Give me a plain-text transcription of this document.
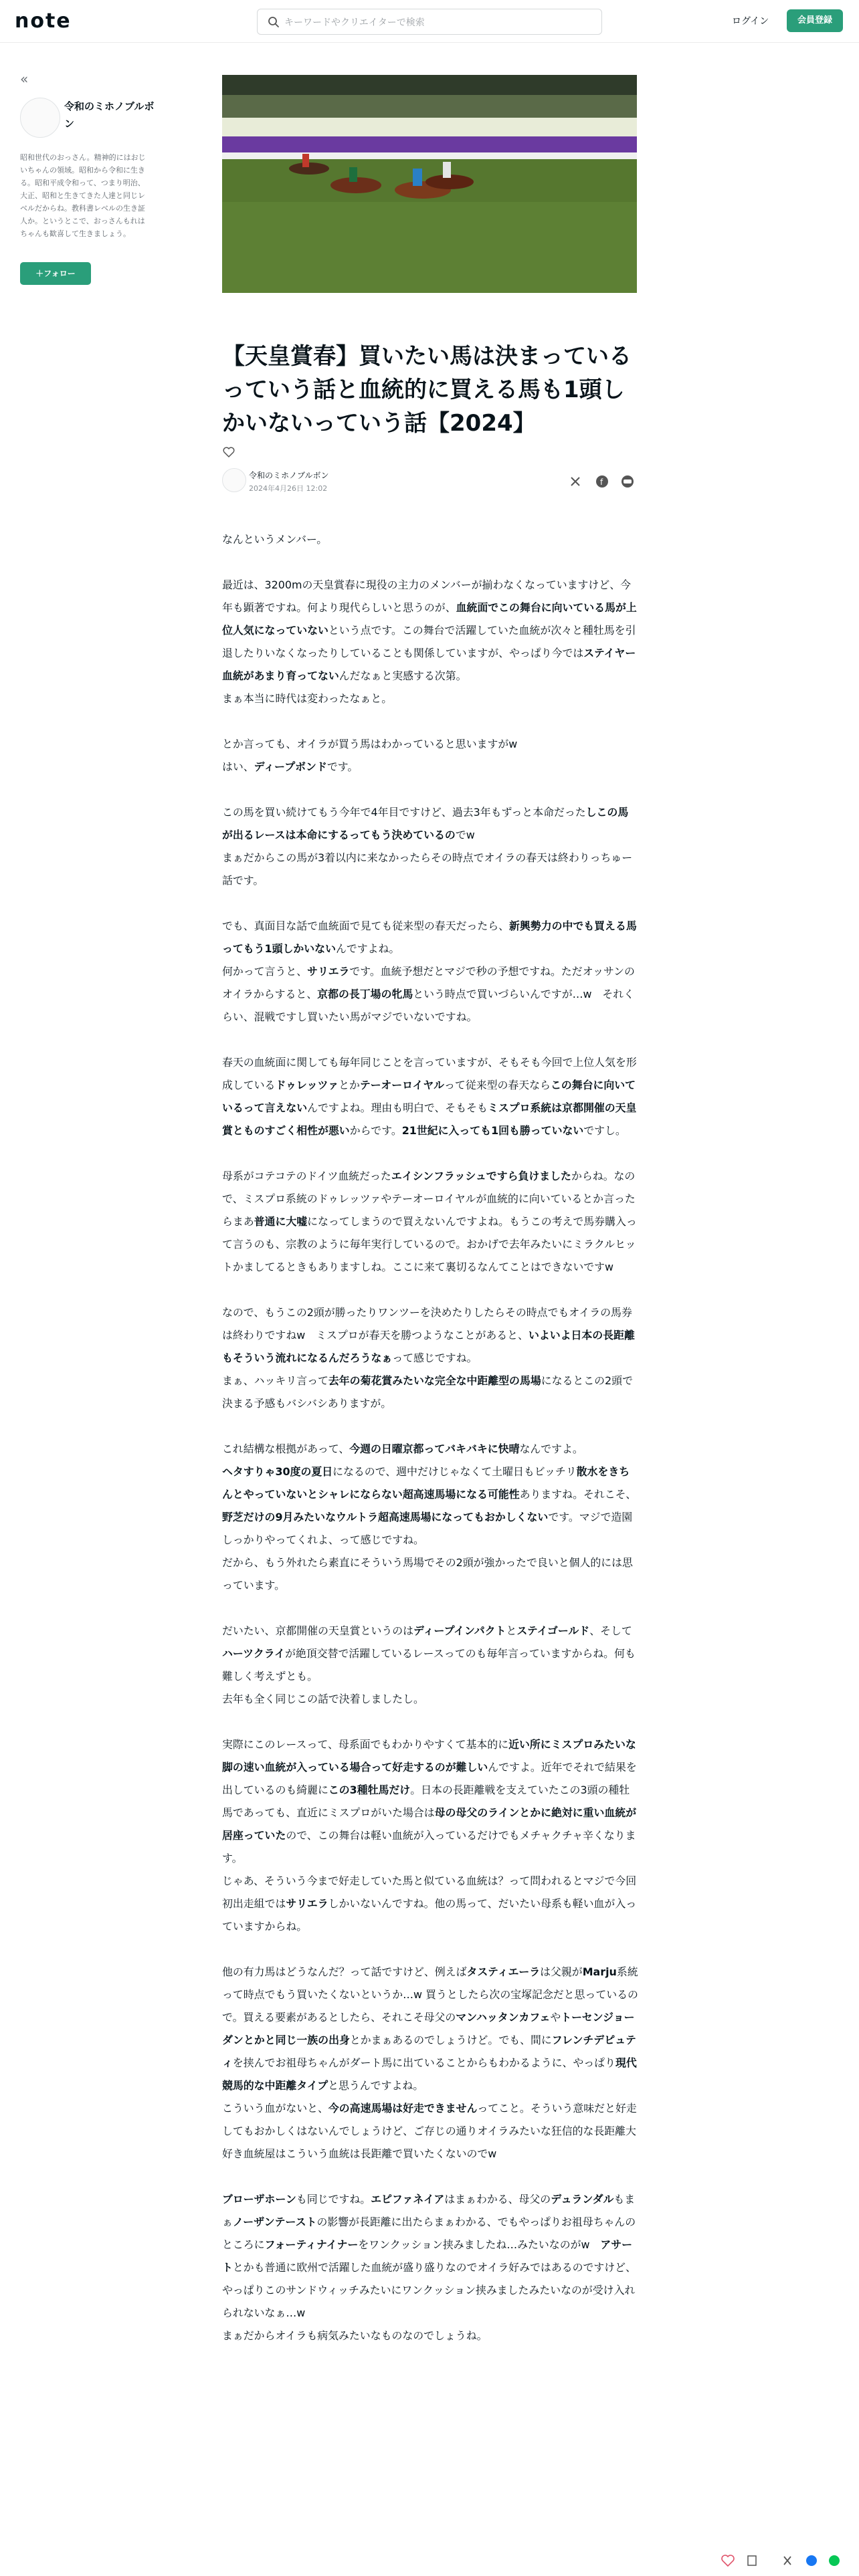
note	キーワードやクリエイターで検索	ログイン	会員登録
«
令和のミホノブルボン
昭和世代のおっさん。精神的にはおじいちゃんの領域。昭和から令和に生きる。昭和平成令和って、つまり明治、大正、昭和と生きてきた人達と同じレベルだからね。教科書レベルの生き証人か。というとこで、おっさんもれはちゃんも歓喜して生きましょう。
＋フォロー
【天皇賞春】買いたい馬は決まっているっていう話と血統的に買える馬も1頭しかいないっていう話【2024】
令和のミホノブルボン
2024年4月26日 12:02
f

なんというメンバー。

最近は、3200mの天皇賞春に現役の主力のメンバーが揃わなくなっていますけど、今年も顕著ですね。何より現代らしいと思うのが、血統面でこの舞台に向いている馬が上位人気になっていないという点です。この舞台で活躍していた血統が次々と種牡馬を引退したりいなくなったりしていることも関係していますが、やっぱり今ではステイヤー血統があまり育ってないんだなぁと実感する次第。
まぁ本当に時代は変わったなぁと。

とか言っても、オイラが買う馬はわかっていると思いますがw
はい、ディープボンドです。

この馬を買い続けてもう今年で4年目ですけど、過去3年もずっと本命だったしこの馬が出るレースは本命にするってもう決めているのでw
まぁだからこの馬が3着以内に来なかったらその時点でオイラの春天は終わりっちゅー話です。

でも、真面目な話で血統面で見ても従来型の春天だったら、新興勢力の中でも買える馬ってもう1頭しかいないんですよね。
何かって言うと、サリエラです。血統予想だとマジで秒の予想ですね。ただオッサンのオイラからすると、京都の長丁場の牝馬という時点で買いづらいんですが…w　それくらい、混戦ですし買いたい馬がマジでいないですね。

春天の血統面に関しても毎年同じことを言っていますが、そもそも今回で上位人気を形成しているドゥレッツァとかテーオーロイヤルって従来型の春天ならこの舞台に向いているって言えないんですよね。理由も明白で、そもそもミスプロ系統は京都開催の天皇賞とものすごく相性が悪いからです。21世紀に入っても1回も勝っていないですし。

母系がコテコテのドイツ血統だったエイシンフラッシュですら負けましたからね。なので、ミスプロ系統のドゥレッツァやテーオーロイヤルが血統的に向いているとか言ったらまあ普通に大嘘になってしまうので買えないんですよね。もうこの考えで馬券購入って言うのも、宗教のように毎年実行しているので。おかげで去年みたいにミラクルヒットかましてるときもありますしね。ここに来て裏切るなんてことはできないですw

なので、もうこの2頭が勝ったりワンツーを決めたりしたらその時点でもオイラの馬券は終わりですねw　ミスプロが春天を勝つようなことがあると、いよいよ日本の長距離もそういう流れになるんだろうなぁって感じですね。
まぁ、ハッキリ言って去年の菊花賞みたいな完全な中距離型の馬場になるとこの2頭で決まる予感もバシバシありますが。

これ結構な根拠があって、今週の日曜京都ってバキバキに快晴なんですよ。
ヘタすりゃ30度の夏日になるので、週中だけじゃなくて土曜日もビッチリ散水をきちんとやっていないとシャレにならない超高速馬場になる可能性ありますね。それこそ、野芝だけの9月みたいなウルトラ超高速馬場になってもおかしくないです。マジで造園しっかりやってくれよ、って感じですね。
だから、もう外れたら素直にそういう馬場でその2頭が強かったで良いと個人的には思っています。

だいたい、京都開催の天皇賞というのはディープインパクトとステイゴールド、そしてハーツクライが絶頂交替で活躍しているレースってのも毎年言っていますからね。何も難しく考えずとも。
去年も全く同じこの話で決着しましたし。

実際にこのレースって、母系面でもわかりやすくて基本的に近い所にミスプロみたいな脚の速い血統が入っている場合って好走するのが難しいんですよ。近年でそれで結果を出しているのも綺麗にこの3種牡馬だけ。日本の長距離戦を支えていたこの3頭の種牡馬であっても、直近にミスプロがいた場合は母の母父のラインとかに絶対に重い血統が居座っていたので、この舞台は軽い血統が入っているだけでもメチャクチャ辛くなります。
じゃあ、そういう今まで好走していた馬と似ている血統は？って問われるとマジで今回初出走組ではサリエラしかいないんですね。他の馬って、だいたい母系も軽い血が入っていますからね。

他の有力馬はどうなんだ？って話ですけど、例えばタスティエーラは父親がMarju系統って時点でもう買いたくないというか…w 買うとしたら次の宝塚記念だと思っているので。買える要素があるとしたら、それこそ母父のマンハッタンカフェやトーセンジョーダンとかと同じ一族の出身とかまぁあるのでしょうけど。でも、間にフレンチデピュティを挟んでお祖母ちゃんがダート馬に出ていることからもわかるように、やっぱり現代競馬的な中距離タイプと思うんですよね。
こういう血がないと、今の高速馬場は好走できませんってこと。そういう意味だと好走してもおかしくはないんでしょうけど、ご存じの通りオイラみたいな狂信的な長距離大好き血統屋はこういう血統は長距離で買いたくないのでw

ブローザホーンも同じですね。エピファネイアはまぁわかる、母父のデュランダルもまぁノーザンテーストの影響が長距離に出たらまぁわかる、でもやっぱりお祖母ちゃんのところにフォーティナイナーをワンクッション挟みましたね…みたいなのがw　アサートとかも普通に欧州で活躍した血統が盛り盛りなのでオイラ好みではあるのですけど、やっぱりこのサンドウィッチみたいにワンクッション挟みましたみたいなのが受け入れられないなぁ…w
まぁだからオイラも病気みたいなものなのでしょうね。
